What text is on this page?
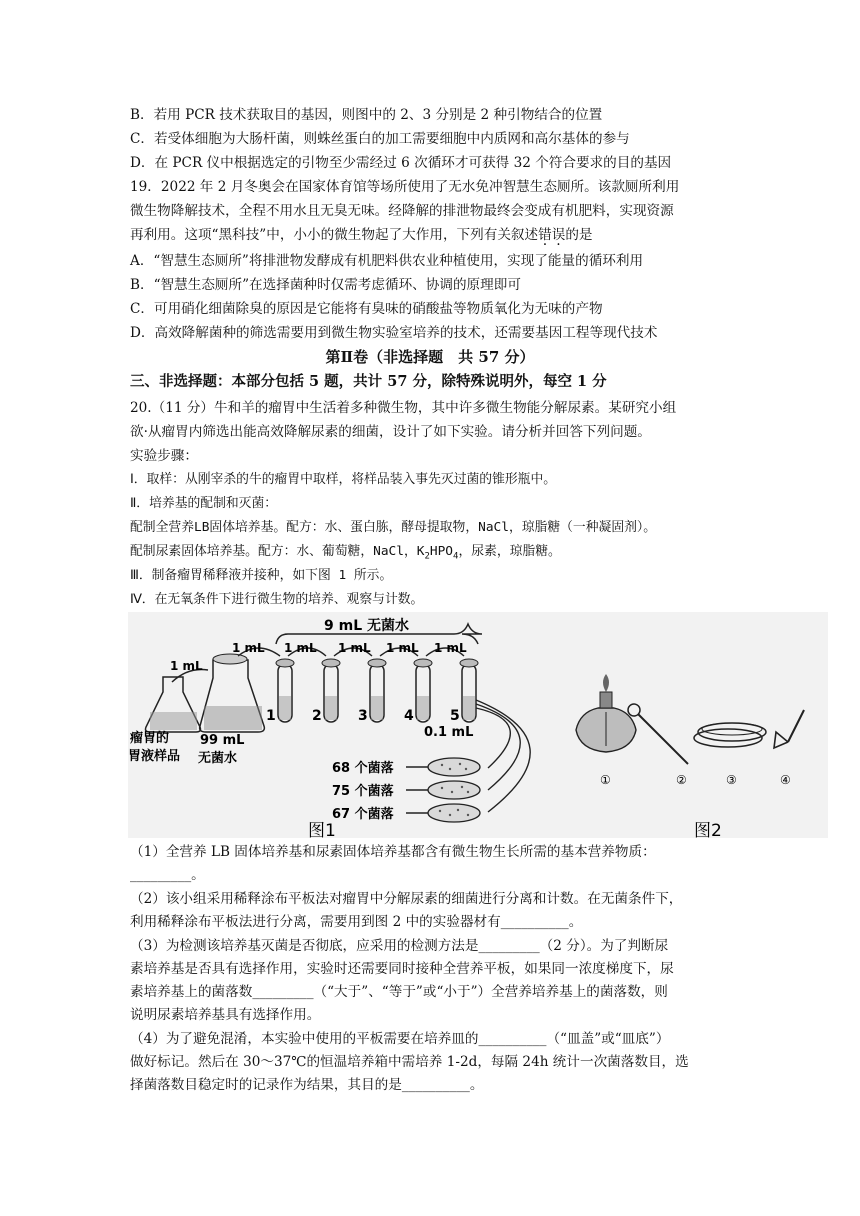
B．若用 PCR 技术获取目的基因，则图中的 2、3 分别是 2 种引物结合的位置
C．若受体细胞为大肠杆菌，则蛛丝蛋白的加工需要细胞中内质网和高尔基体的参与
D．在 PCR 仪中根据选定的引物至少需经过 6 次循环才可获得 32 个符合要求的目的基因
19．2022 年 2 月冬奥会在国家体育馆等场所使用了无水免冲智慧生态厕所。该款厕所利用
微生物降解技术，全程不用水且无臭无味。经降解的排泄物最终会变成有机肥料，实现资源
再利用。这项“黑科技”中，小小的微生物起了大作用，下列有关叙述错误的是
A．“智慧生态厕所”将排泄物发酵成有机肥料供农业种植使用，实现了能量的循环利用
B．“智慧生态厕所”在选择菌种时仅需考虑循环、协调的原理即可
C．可用硝化细菌除臭的原因是它能将有臭味的硝酸盐等物质氧化为无味的产物
D．高效降解菌种的筛选需要用到微生物实验室培养的技术，还需要基因工程等现代技术
第Ⅱ卷（非选择题　共 57 分）
三、非选择题：本部分包括 5 题，共计 57 分，除特殊说明外，每空 1 分
20.（11 分）牛和羊的瘤胃中生活着多种微生物，其中许多微生物能分解尿素。某研究小组
欲·从瘤胃内筛选出能高效降解尿素的细菌，设计了如下实验。请分析并回答下列问题。
实验步骤：
Ⅰ．取样：从刚宰杀的牛的瘤胃中取样，将样品装入事先灭过菌的锥形瓶中。
Ⅱ．培养基的配制和灭菌：
配制全营养LB固体培养基。配方：水、蛋白胨，酵母提取物，NaCl，琼脂糖（一种凝固剂）。
配制尿素固体培养基。配方：水、葡萄糖，NaCl，$K_2HPO_4$，尿素，琼脂糖。
Ⅲ．制备瘤胃稀释液并接种，如下图 1 所示。
Ⅳ．在无氧条件下进行微生物的培养、观察与计数。
9 mL 无菌水
瘤胃的
胃液样品
1 mL
99 mL
无菌水
1	2	3	4	5
1 mL 1 mL 1 mL 1 mL 1 mL
0.1 mL
68 个菌落
75 个菌落
67 个菌落
图1
①	②	③	④
图2
（1）全营养 LB 固体培养基和尿素固体培养基都含有微生物生长所需的基本营养物质：
_________。
（2）该小组采用稀释涂布平板法对瘤胃中分解尿素的细菌进行分离和计数。在无菌条件下，
利用稀释涂布平板法进行分离，需要用到图 2 中的实验器材有__________。
（3）为检测该培养基灭菌是否彻底，应采用的检测方法是_________（2 分）。为了判断尿
素培养基是否具有选择作用，实验时还需要同时接种全营养平板，如果同一浓度梯度下，尿
素培养基上的菌落数_________（“大于”、“等于”或“小于”）全营养培养基上的菌落数，则
说明尿素培养基具有选择作用。
（4）为了避免混淆，本实验中使用的平板需要在培养皿的__________（“皿盖”或“皿底”）
做好标记。然后在 30～37℃的恒温培养箱中需培养 1-2d，每隔 24h 统计一次菌落数目，选
择菌落数目稳定时的记录作为结果，其目的是__________。
